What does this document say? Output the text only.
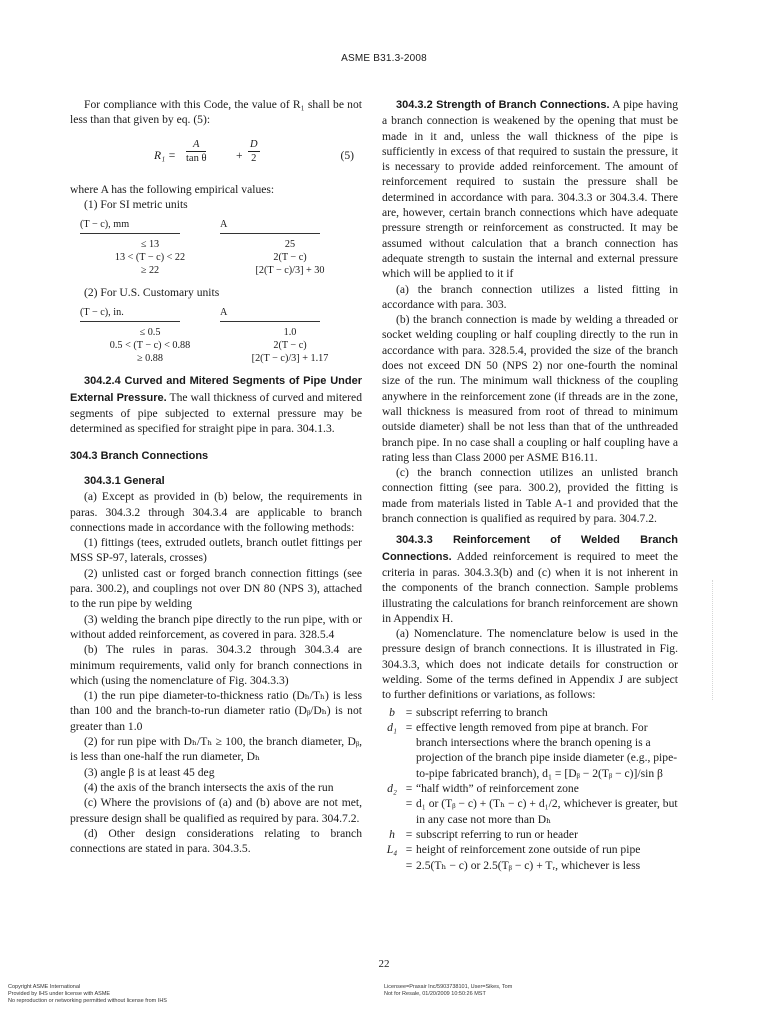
ASME B31.3-2008

For compliance with this Code, the value of R₁ shall be not less than that given by eq. (5):

$R_1 = \frac{A}{\text{tan θ}}$	+ $\frac{D}{2}$	(5)

where A has the following empirical values:

(1) For SI metric units

(T − c), mm	A
≤ 13	25
13 < (T − c) < 22	2(T − c)
≥ 22	[2(T − c)/3] + 30

(2) For U.S. Customary units

(T − c), in.	A
≤ 0.5	1.0
0.5 < (T − c) < 0.88	2(T − c)
≥ 0.88	[2(T − c)/3] + 1.17

304.2.4 Curved and Mitered Segments of Pipe Under External Pressure. The wall thickness of curved and mitered segments of pipe subjected to external pressure may be determined as specified for straight pipe in para. 304.1.3.

304.3 Branch Connections

304.3.1 General

(a) Except as provided in (b) below, the requirements in paras. 304.3.2 through 304.3.4 are applicable to branch connections made in accordance with the following methods:

(1) fittings (tees, extruded outlets, branch outlet fittings per MSS SP-97, laterals, crosses)

(2) unlisted cast or forged branch connection fittings (see para. 300.2), and couplings not over DN 80 (NPS 3), attached to the run pipe by welding

(3) welding the branch pipe directly to the run pipe, with or without added reinforcement, as covered in para. 328.5.4

(b) The rules in paras. 304.3.2 through 304.3.4 are minimum requirements, valid only for branch connections in which (using the nomenclature of Fig. 304.3.3)

(1) the run pipe diameter-to-thickness ratio (Dₕ/Tₕ) is less than 100 and the branch-to-run diameter ratio (Dᵦ/Dₕ) is not greater than 1.0

(2) for run pipe with Dₕ/Tₕ ≥ 100, the branch diameter, Dᵦ, is less than one-half the run diameter, Dₕ

(3) angle β is at least 45 deg

(4) the axis of the branch intersects the axis of the run

(c) Where the provisions of (a) and (b) above are not met, pressure design shall be qualified as required by para. 304.7.2.

(d) Other design considerations relating to branch connections are stated in para. 304.3.5.

304.3.2 Strength of Branch Connections. A pipe having a branch connection is weakened by the opening that must be made in it and, unless the wall thickness of the pipe is sufficiently in excess of that required to sustain the pressure, it is necessary to provide added reinforcement. The amount of reinforcement required to sustain the pressure shall be determined in accordance with para. 304.3.3 or 304.3.4. There are, however, certain branch connections which have adequate pressure strength or reinforcement as constructed. It may be assumed without calculation that a branch connection has adequate strength to sustain the internal and external pressure which will be applied to it if

(a) the branch connection utilizes a listed fitting in accordance with para. 303.

(b) the branch connection is made by welding a threaded or socket welding coupling or half coupling directly to the run in accordance with para. 328.5.4, provided the size of the branch does not exceed DN 50 (NPS 2) nor one-fourth the nominal size of the run. The minimum wall thickness of the coupling anywhere in the reinforcement zone (if threads are in the zone, wall thickness is measured from root of thread to minimum outside diameter) shall be not less than that of the unthreaded branch pipe. In no case shall a coupling or half coupling have a rating less than Class 2000 per ASME B16.11.

(c) the branch connection utilizes an unlisted branch connection fitting (see para. 300.2), provided the fitting is made from materials listed in Table A-1 and provided that the branch connection is qualified as required by para. 304.7.2.

304.3.3 Reinforcement of Welded Branch Connections. Added reinforcement is required to meet the criteria in paras. 304.3.3(b) and (c) when it is not inherent in the components of the branch connection. Sample problems illustrating the calculations for branch reinforcement are shown in Appendix H.

(a) Nomenclature. The nomenclature below is used in the pressure design of branch connections. It is illustrated in Fig. 304.3.3, which does not indicate details for construction or welding. Some of the terms defined in Appendix J are subject to further definitions or variations, as follows:

b = subscript referring to branch
d₁ = effective length removed from pipe at branch. For branch intersections where the branch opening is a projection of the branch pipe inside diameter (e.g., pipe-to-pipe fabricated branch), d₁ = [Dᵦ − 2(Tᵦ − c)]/sin β
d₂ = “half width” of reinforcement zone
= d₁ or (Tᵦ − c) + (Tₕ − c) + d₁/2, whichever is greater, but in any case not more than Dₕ
h = subscript referring to run or header
L₄ = height of reinforcement zone outside of run pipe
= 2.5(Tₕ − c) or 2.5(Tᵦ − c) + Tᵣ, whichever is less
22
Copyright ASME International
Provided by IHS under license with ASME
No reproduction or networking permitted without license from IHS
Licensee=Praxair Inc/5903738101, User=Sikes, Tom
Not for Resale, 01/20/2009 10:50:26 MST
